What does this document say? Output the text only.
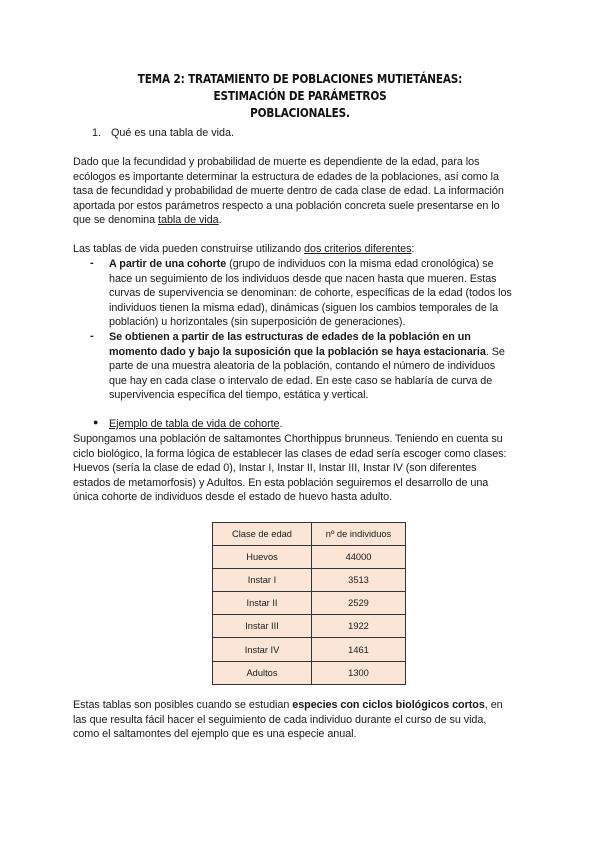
TEMA 2: TRATAMIENTO DE POBLACIONES MUTIETÁNEAS: ESTIMACIÓN DE PARÁMETROS
POBLACIONALES.
1. Qué es una tabla de vida.
Dado que la fecundidad y probabilidad de muerte es dependiente de la edad, para los
ecólogos es importante determinar la estructura de edades de la poblaciones, así como la
tasa de fecundidad y probabilidad de muerte dentro de cada clase de edad. La información
aportada por estos parámetros respecto a una población concreta suele presentarse en lo
que se denomina tabla de vida.
Las tablas de vida pueden construirse utilizando dos criterios diferentes:
- A partir de una cohorte (grupo de individuos con la misma edad cronológica) se
hace un seguimiento de los individuos desde que nacen hasta que mueren. Estas
curvas de supervivencia se denominan: de cohorte, específicas de la edad (todos los
individuos tienen la misma edad), dinámicas (siguen los cambios temporales de la
población) u horizontales (sin superposición de generaciones).
- Se obtienen a partir de las estructuras de edades de la población en un
momento dado y bajo la suposición que la población se haya estacionaria. Se
parte de una muestra aleatoria de la población, contando el número de individuos
que hay en cada clase o intervalo de edad. En este caso se hablaría de curva de
supervivencia específica del tiempo, estática y vertical.
● Ejemplo de tabla de vida de cohorte.
Supongamos una población de saltamontes Chorthippus brunneus. Teniendo en cuenta su
ciclo biológico, la forma lógica de establecer las clases de edad sería escoger como clases:
Huevos (sería la clase de edad 0), Instar I, Instar II, Instar III, Instar IV (son diferentes
estados de metamorfosis) y Adultos. En esta población seguiremos el desarrollo de una
única cohorte de individuos desde el estado de huevo hasta adulto.
Clase de edad	nº de individuos
Huevos	44000
Instar I	3513
Instar II	2529
Instar III	1922
Instar IV	1461
Adultos	1300
Estas tablas son posibles cuando se estudian especies con ciclos biológicos cortos, en
las que resulta fácil hacer el seguimiento de cada individuo durante el curso de su vida,
como el saltamontes del ejemplo que es una especie anual.
